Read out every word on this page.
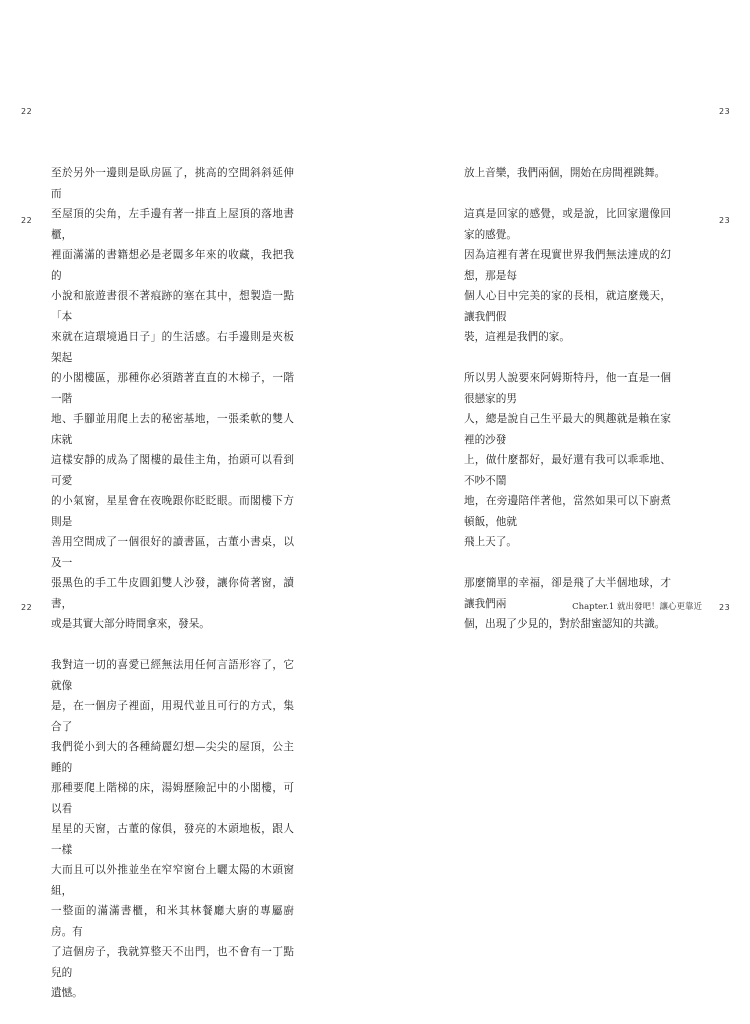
22	23
22	23
22	23

至於另外一邊則是臥房區了，挑高的空間斜斜延伸而
至屋頂的尖角，左手邊有著一排直上屋頂的落地書櫃，
裡面滿滿的書籍想必是老闆多年來的收藏，我把我的
小說和旅遊書很不著痕跡的塞在其中，想製造一點「本
來就在這環境過日子」的生活感。右手邊則是夾板架起
的小閣樓區，那種你必須踏著直直的木梯子，一階一階
地、手腳並用爬上去的秘密基地，一張柔軟的雙人床就
這樣安靜的成為了閣樓的最佳主角，抬頭可以看到可愛
的小氣窗，星星會在夜晚跟你眨眨眼。而閣樓下方則是
善用空間成了一個很好的讀書區，古董小書桌，以及一
張黑色的手工牛皮圓釦雙人沙發，讓你倚著窗，讀書，
或是其實大部分時間拿來，發呆。

我對這一切的喜愛已經無法用任何言語形容了，它就像
是，在一個房子裡面，用現代並且可行的方式，集合了
我們從小到大的各種綺麗幻想—尖尖的屋頂，公主睡的
那種要爬上階梯的床，湯姆歷險記中的小閣樓，可以看
星星的天窗，古董的傢俱，發亮的木頭地板，跟人一樣
大而且可以外推並坐在窄窄窗台上曬太陽的木頭窗組，
一整面的滿滿書櫃，和米其林餐廳大廚的專屬廚房。有
了這個房子，我就算整天不出門，也不會有一丁點兒的
遺憾。

放上音樂，我們兩個，開始在房間裡跳舞。

這真是回家的感覺，或是說，比回家還像回家的感覺。
因為這裡有著在現實世界我們無法達成的幻想，那是每
個人心目中完美的家的長相，就這麼幾天，讓我們假
裝，這裡是我們的家。

所以男人說要來阿姆斯特丹，他一直是一個很戀家的男
人，總是說自己生平最大的興趣就是賴在家裡的沙發
上，做什麼都好，最好還有我可以乖乖地、不吵不鬧
地，在旁邊陪伴著他，當然如果可以下廚煮頓飯，他就
飛上天了。

那麼簡單的幸福，卻是飛了大半個地球，才讓我們兩
個，出現了少見的，對於甜蜜認知的共識。

Chapter.1 就出發吧！讓心更靠近
